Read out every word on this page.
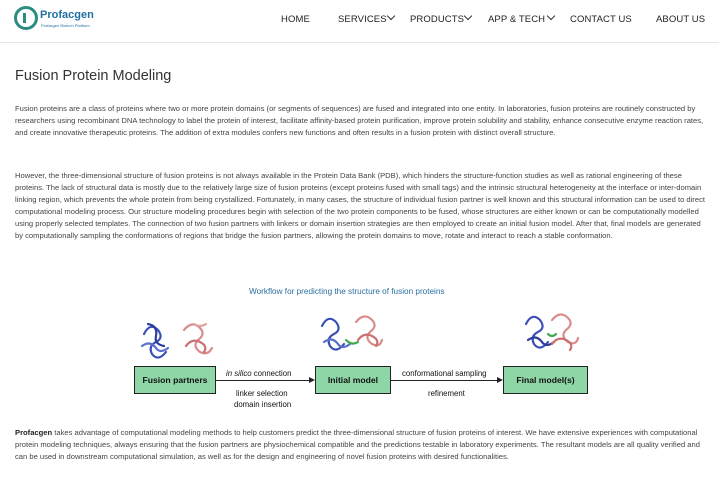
Profacgen
Profacgen Biotech Platform
HOME	SERVICES PRODUCTS	APP & TECH	CONTACT US	ABOUT US
Fusion Protein Modeling

Fusion proteins are a class of proteins where two or more protein domains (or segments of sequences) are fused and integrated into one entity. In laboratories, fusion proteins are routinely constructed by researchers using recombinant DNA technology to label the protein of interest, facilitate affinity-based protein purification, improve protein solubility and stability, enhance consecutive enzyme reaction rates, and create innovative therapeutic proteins. The addition of extra modules confers new functions and often results in a fusion protein with distinct overall structure.

However, the three-dimensional structure of fusion proteins is not always available in the Protein Data Bank (PDB), which hinders the structure-function studies as well as rational engineering of these proteins. The lack of structural data is mostly due to the relatively large size of fusion proteins (except proteins fused with small tags) and the intrinsic structural heterogeneity at the interface or inter-domain linking region, which prevents the whole protein from being crystallized. Fortunately, in many cases, the structure of individual fusion partner is well known and this structural information can be used to direct computational modeling process. Our structure modeling procedures begin with selection of the two protein components to be fused, whose structures are either known or can be computationally modelled using properly selected templates. The connection of two fusion partners with linkers or domain insertion strategies are then employed to create an initial fusion model. After that, final models are generated by computationally sampling the conformations of regions that bridge the fusion partners, allowing the protein domains to move, rotate and interact to reach a stable conformation.

Workflow for predicting the structure of fusion proteins
Fusion partners	Initial model	Final model(s)
in silico connection
linker selection
domain insertion
conformational sampling
refinement

Profacgen takes advantage of computational modeling methods to help customers predict the three-dimensional structure of fusion proteins of interest. We have extensive experiences with computational protein modeling techniques, always ensuring that the fusion partners are physiochemical compatible and the predictions testable in laboratory experiments. The resultant models are all quality verified and can be used in downstream computational simulation, as well as for the design and engineering of novel fusion proteins with desired functionalities.
